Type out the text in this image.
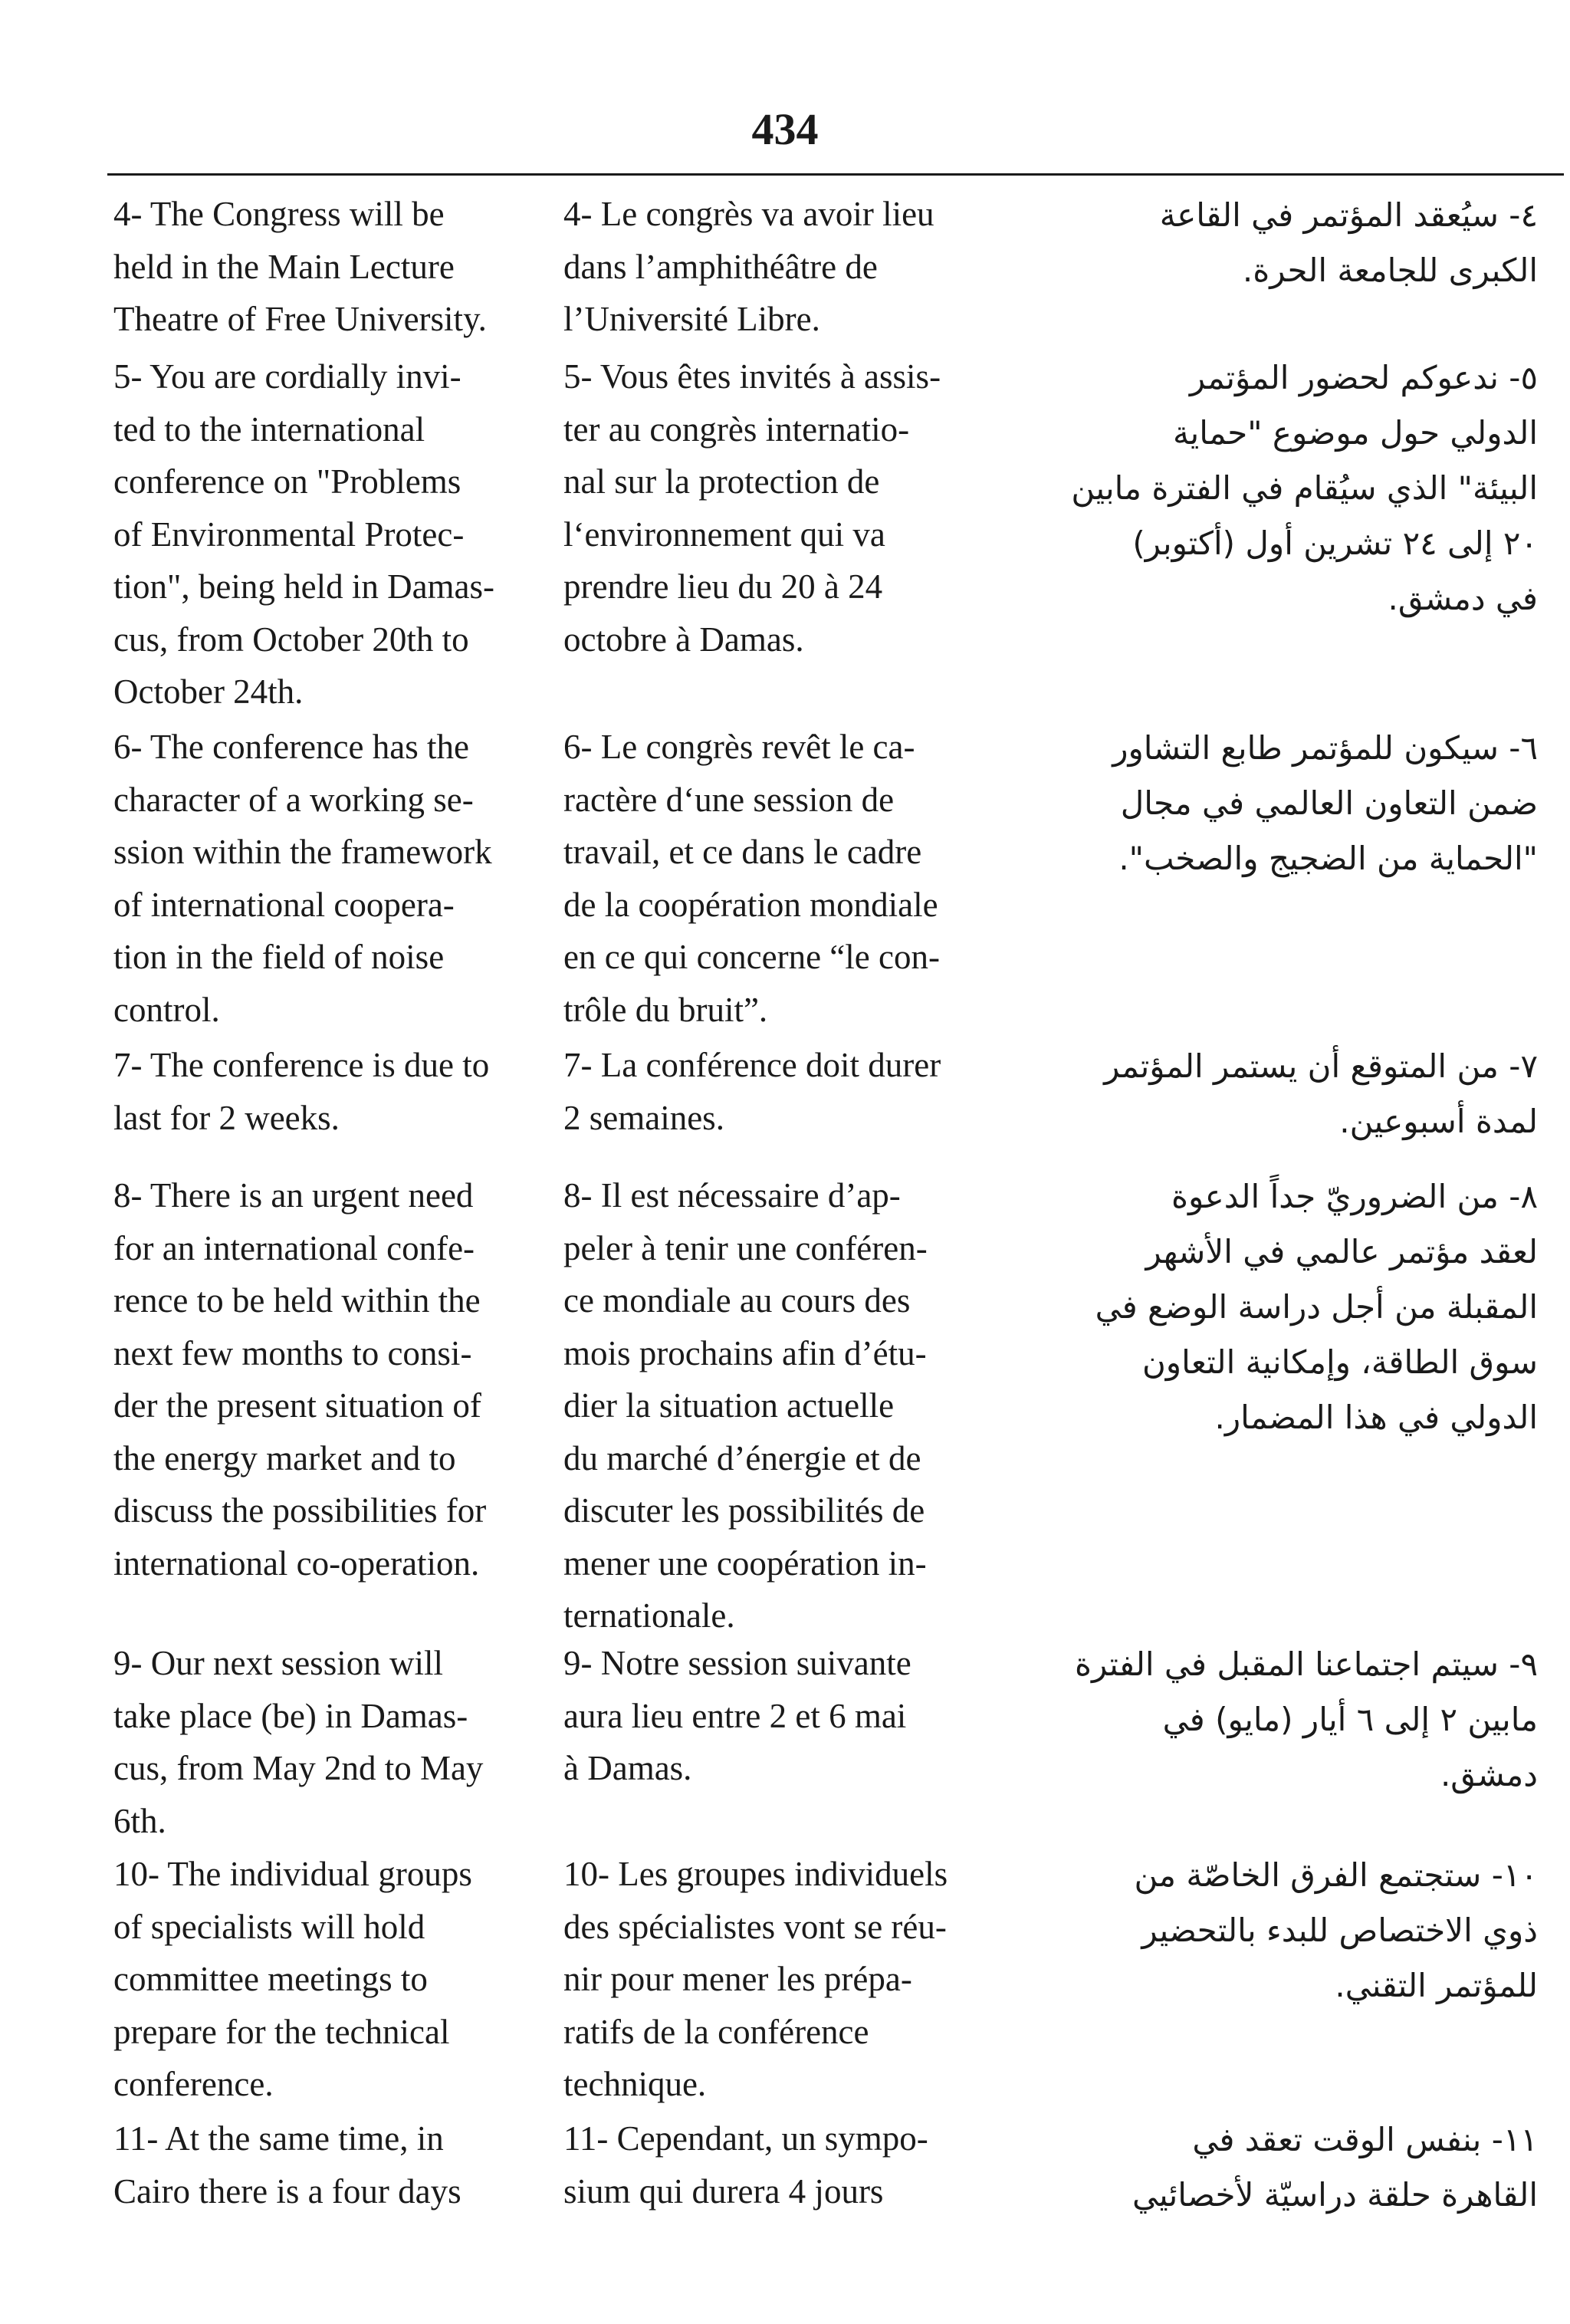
434

4- The Congress will be
held in the Main Lecture
Theatre of Free University.

5- You are cordially invi-
ted to the international
conference on "Problems
of Environmental Protec-
tion", being held in Damas-
cus, from October 20th to
October 24th.

6- The conference has the
character of a working se-
ssion within the framework
of international coopera-
tion in the field of noise
control.

7- The conference is due to
last for 2 weeks.

8- There is an urgent need
for an international confe-
rence to be held within the
next few months to consi-
der the present situation of
the energy market and to
discuss the possibilities for
international co-operation.

9- Our next session will
take place (be) in Damas-
cus, from May 2nd to May
6th.

10- The individual groups
of specialists will hold
committee meetings to
prepare for the technical
conference.

11- At the same time, in
Cairo there is a four days

4- Le congrès va avoir lieu
dans l’amphithéâtre de
l’Université Libre.

5- Vous êtes invités à assis-
ter au congrès internatio-
nal sur la protection de
l‘environnement qui va
prendre lieu du 20 à 24
octobre à Damas.

6- Le congrès revêt le ca-
ractère d‘une session de
travail, et ce dans le cadre
de la coopération mondiale
en ce qui concerne “le con-
trôle du bruit”.

7- La conférence doit durer
2 semaines.

8- Il est nécessaire d’ap-
peler à tenir une conféren-
ce mondiale au cours des
mois prochains afin d’étu-
dier la situation actuelle
du marché d’énergie et de
discuter les possibilités de
mener une coopération in-
ternationale.

9- Notre session suivante
aura lieu entre 2 et 6 mai
à Damas.

10- Les groupes individuels
des spécialistes vont se réu-
nir pour mener les prépa-
ratifs de la conférence
technique.

11- Cependant, un sympo-
sium qui durera 4 jours

٤- سيُعقد المؤتمر في القاعة
الكبرى للجامعة الحرة.

٥- ندعوكم لحضور المؤتمر
الدولي حول موضوع "حماية
البيئة" الذي سيُقام في الفترة مابين
٢٠ إلى ٢٤ تشرين أول (أكتوبر)
في دمشق.

٦- سيكون للمؤتمر طابع التشاور
ضمن التعاون العالمي في مجال
"الحماية من الضجيج والصخب".

٧- من المتوقع أن يستمر المؤتمر
لمدة أسبوعين.

٨- من الضروريّ جداً الدعوة
لعقد مؤتمر عالمي في الأشهر
المقبلة من أجل دراسة الوضع في
سوق الطاقة، وإمكانية التعاون
الدولي في هذا المضمار.

٩- سيتم اجتماعنا المقبل في الفترة
مابين ٢ إلى ٦ أيار (مايو) في
دمشق.

١٠- ستجتمع الفرق الخاصّة من
ذوي الاختصاص للبدء بالتحضير
للمؤتمر التقني.

١١- بنفس الوقت تعقد في
القاهرة حلقة دراسيّة لأخصائيي
